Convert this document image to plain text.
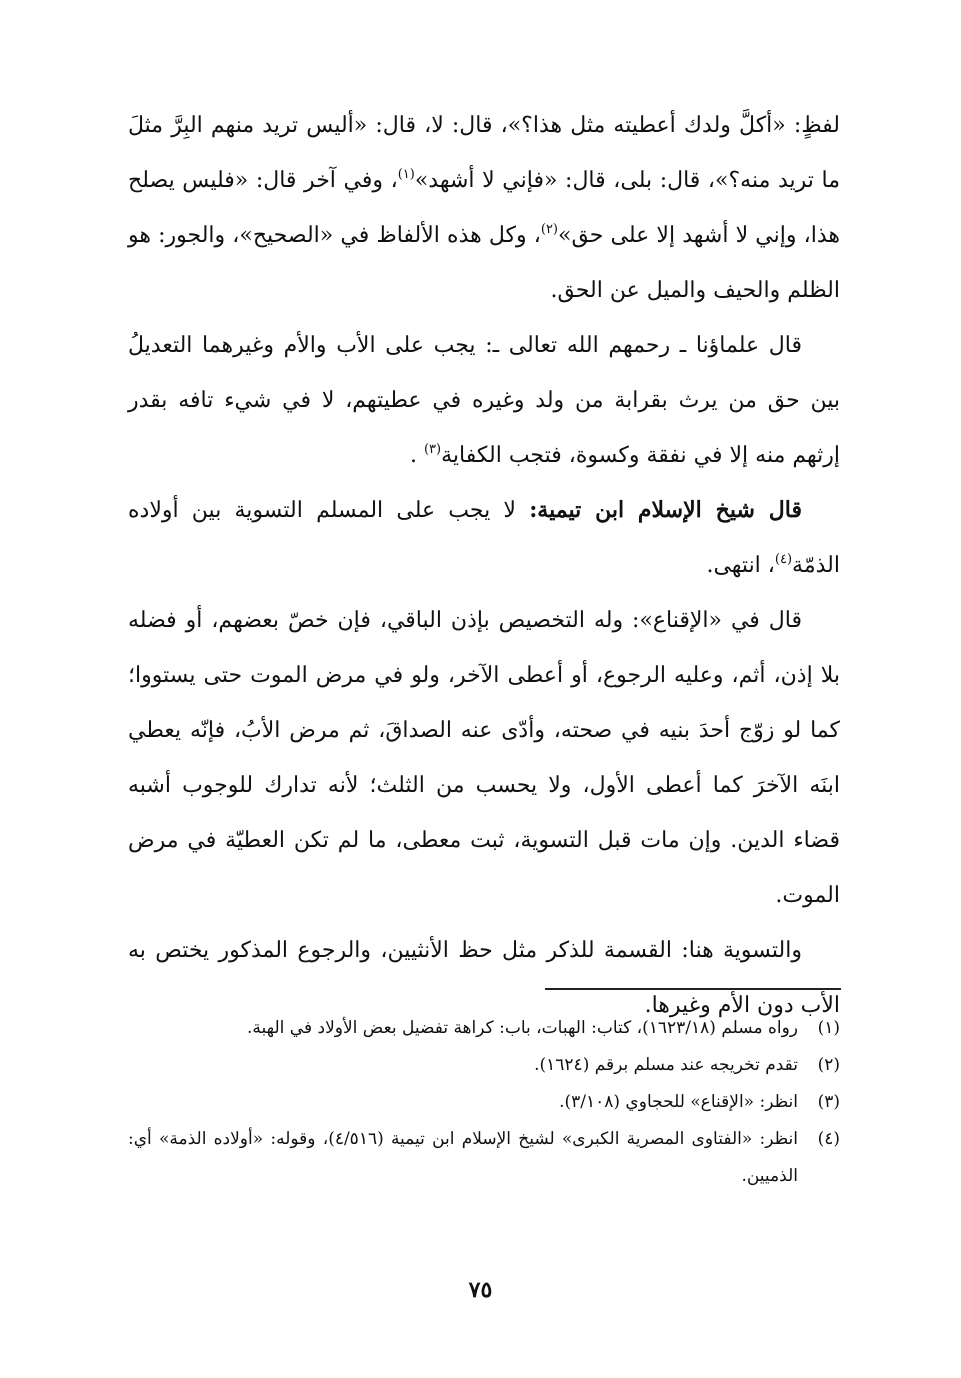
لفظٍ: «أكلَّ ولدك أعطيته مثل هذا؟»، قال: لا، قال: «أليس تريد منهم البِرَّ مثلَ ما تريد منه؟»، قال: بلى، قال: «فإني لا أشهد»$^{(١)}$، وفي آخر قال: «فليس يصلح هذا، وإني لا أشهد إلا على حق»$^{(٢)}$، وكل هذه الألفاظ في «الصحيح»، والجور: هو الظلم والحيف والميل عن الحق.

قال علماؤنا ـ رحمهم الله تعالى ـ: يجب على الأب والأم وغيرهما التعديلُ بين حق من يرث بقرابة من ولد وغيره في عطيتهم، لا في شيء تافه بقدر إرثهم منه إلا في نفقة وكسوة، فتجب الكفاية$^{(٣)}$ .

قال شيخ الإسلام ابن تيمية: لا يجب على المسلم التسوية بين أولاده الذمّة$^{(٤)}$، انتهى.

قال في «الإقناع»: وله التخصيص بإذن الباقي، فإن خصّ بعضهم، أو فضله بلا إذن، أثم، وعليه الرجوع، أو أعطى الآخر، ولو في مرض الموت حتى يستووا؛ كما لو زوّج أحدَ بنيه في صحته، وأدّى عنه الصداقَ، ثم مرض الأبُ، فإنّه يعطي ابنَه الآخرَ كما أعطى الأول، ولا يحسب من الثلث؛ لأنه تدارك للوجوب أشبه قضاء الدين. وإن مات قبل التسوية، ثبت معطى، ما لم تكن العطيّة في مرض الموت.

والتسوية هنا: القسمة للذكر مثل حظ الأنثيين، والرجوع المذكور يختص به الأب دون الأم وغيرها.

(١)
رواه مسلم (١٦٢٣/١٨)، كتاب: الهبات، باب: كراهة تفضيل بعض الأولاد في الهبة.
(٢)
تقدم تخريجه عند مسلم برقم (١٦٢٤).
(٣)
انظر: «الإقناع» للحجاوي (٣/١٠٨).
(٤)
انظر: «الفتاوى المصرية الكبرى» لشيخ الإسلام ابن تيمية (٤/٥١٦)، وقوله: «أولاده الذمة» أي: الذميين.
٧٥
